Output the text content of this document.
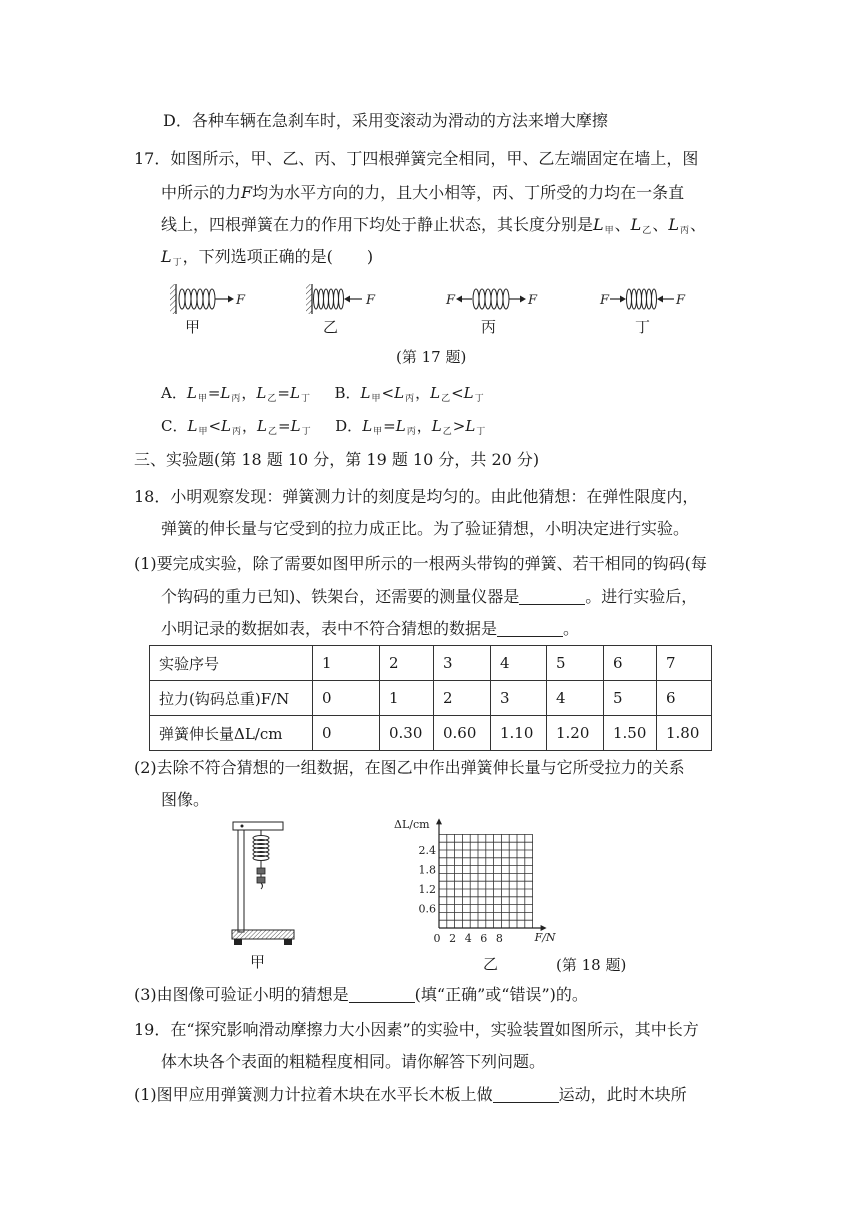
D．各种车辆在急刹车时，采用变滚动为滑动的方法来增大摩擦
17．如图所示，甲、乙、丙、丁四根弹簧完全相同，甲、乙左端固定在墙上，图
中所示的力F均为水平方向的力，且大小相等，丙、丁所受的力均在一条直
线上，四根弹簧在力的作用下均处于静止状态，其长度分别是$L_甲$、$L_乙$、$L_丙$、
$L_丁$，下列选项正确的是( )
F	F	F	F	F	F
甲	乙	丙	丁
(第 17 题)
A．$L_甲=L_丙$，$L_乙=L_丁$ B．$L_甲<L_丙$，$L_乙<L_丁$
C．$L_甲<L_丙$，$L_乙=L_丁$ D．$L_甲=L_丙$，$L_乙>L_丁$
三、实验题(第 18 题 10 分，第 19 题 10 分，共 20 分)
18．小明观察发现：弹簧测力计的刻度是均匀的。由此他猜想：在弹性限度内，
弹簧的伸长量与它受到的拉力成正比。为了验证猜想，小明决定进行实验。
(1)要完成实验，除了需要如图甲所示的一根两头带钩的弹簧、若干相同的钩码(每
个钩码的重力已知)、铁架台，还需要的测量仪器是	。进行实验后，
小明记录的数据如表，表中不符合猜想的数据是	。
实验序号	1	2	3	4	5	6	7
拉力(钩码总重)F/N	0	1	2	3	4	5	6
弹簧伸长量ΔL/cm	0	0.30	0.60	1.10	1.20	1.50	1.80
(2)去除不符合猜想的一组数据，在图乙中作出弹簧伸长量与它所受拉力的关系
图像。
甲
ΔL/cm
F/N
2.4
1.8
1.2
0.6
0 2 4 6 8
乙	(第 18 题)
(3)由图像可验证小明的猜想是	(填“正确”或“错误”)的。
19．在“探究影响滑动摩擦力大小因素”的实验中，实验装置如图所示，其中长方
体木块各个表面的粗糙程度相同。请你解答下列问题。
(1)图甲应用弹簧测力计拉着木块在水平长木板上做	运动，此时木块所
